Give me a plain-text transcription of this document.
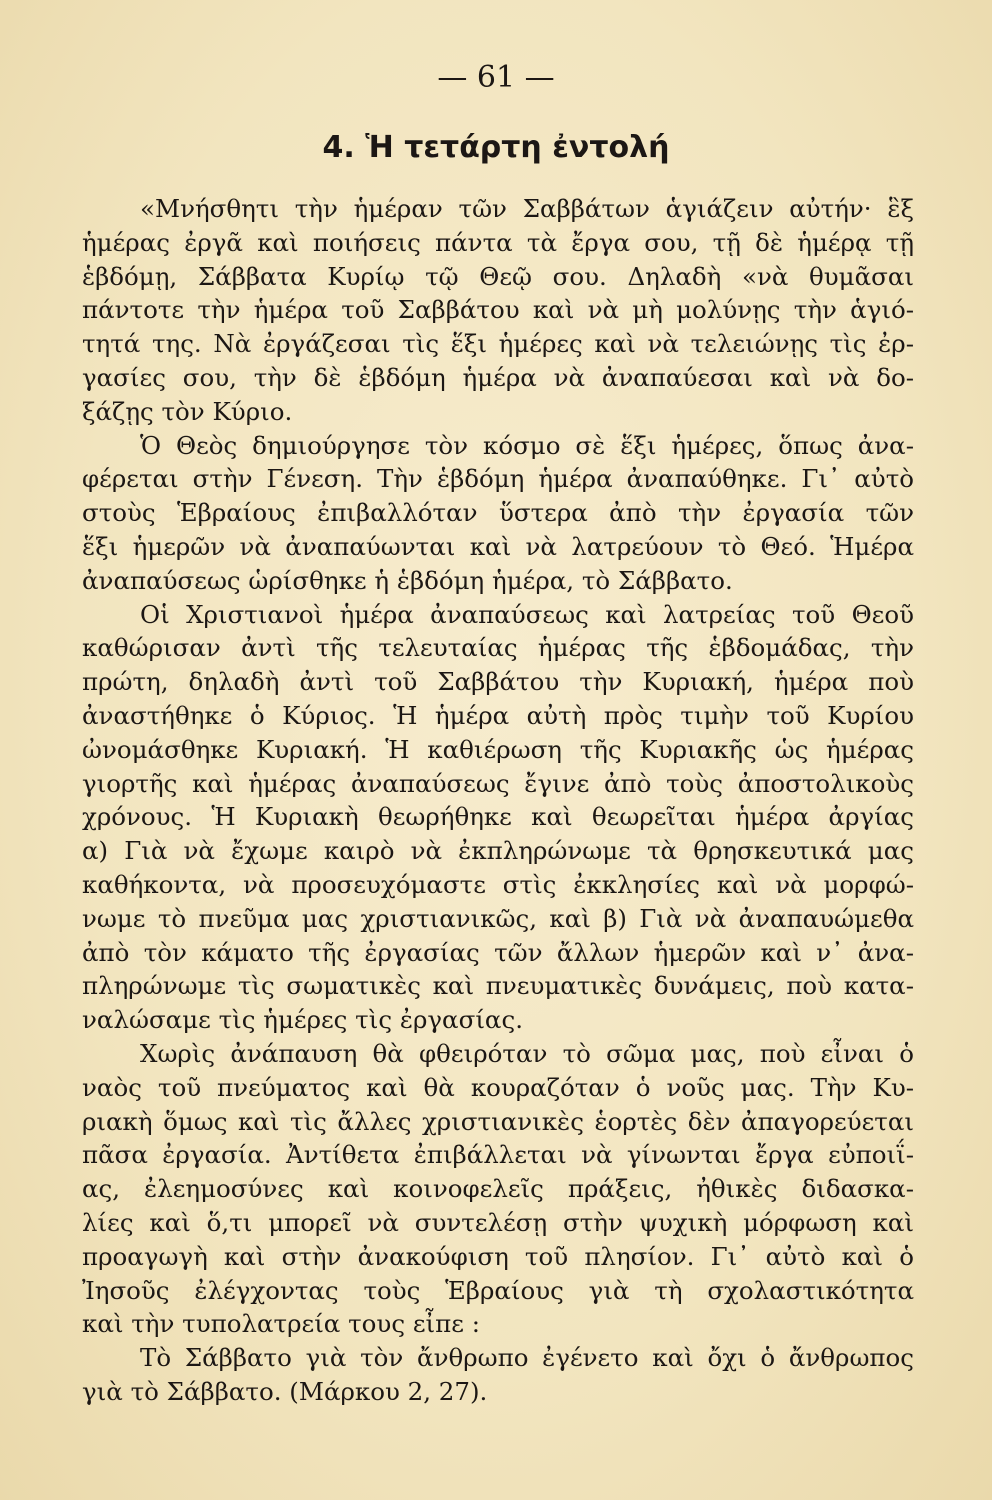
— 61 —

4. Ἡ τετάρτη ἐντολή
«Μνήσθητι τὴν ἡμέραν τῶν Σαββάτων ἁγιάζειν αὐτήν· ἓξ
ἡμέρας ἐργᾶ καὶ ποιήσεις πάντα τὰ ἔργα σου, τῇ δὲ ἡμέρᾳ τῇ
ἑβδόμῃ, Σάββατα Κυρίῳ τῷ Θεῷ σου. Δηλαδὴ «νὰ θυμᾶσαι
πάντοτε τὴν ἡμέρα τοῦ Σαββάτου καὶ νὰ μὴ μολύνῃς τὴν ἁγιό-
τητά της. Νὰ ἐργάζεσαι τὶς ἕξι ἡμέρες καὶ νὰ τελειώνῃς τὶς ἐρ-
γασίες σου, τὴν δὲ ἑβδόμη ἡμέρα νὰ ἀναπαύεσαι καὶ νὰ δο-
ξάζῃς τὸν Κύριο.
Ὁ Θεὸς δημιούργησε τὸν κόσμο σὲ ἕξι ἡμέρες, ὅπως ἀνα-
φέρεται στὴν Γένεση. Τὴν ἑβδόμη ἡμέρα ἀναπαύθηκε. Γι᾽ αὐτὸ
στοὺς Ἑβραίους ἐπιβαλλόταν ὕστερα ἀπὸ τὴν ἐργασία τῶν
ἕξι ἡμερῶν νὰ ἀναπαύωνται καὶ νὰ λατρεύουν τὸ Θεό. Ἡμέρα
ἀναπαύσεως ὡρίσθηκε ἡ ἑβδόμη ἡμέρα, τὸ Σάββατο.
Οἱ Χριστιανοὶ ἡμέρα ἀναπαύσεως καὶ λατρείας τοῦ Θεοῦ
καθώρισαν ἀντὶ τῆς τελευταίας ἡμέρας τῆς ἑβδομάδας, τὴν
πρώτη, δηλαδὴ ἀντὶ τοῦ Σαββάτου τὴν Κυριακή, ἡμέρα ποὺ
ἀναστήθηκε ὁ Κύριος. Ἡ ἡμέρα αὐτὴ πρὸς τιμὴν τοῦ Κυρίου
ὠνομάσθηκε Κυριακή. Ἡ καθιέρωση τῆς Κυριακῆς ὡς ἡμέρας
γιορτῆς καὶ ἡμέρας ἀναπαύσεως ἔγινε ἀπὸ τοὺς ἀποστολικοὺς
χρόνους. Ἡ Κυριακὴ θεωρήθηκε καὶ θεωρεῖται ἡμέρα ἀργίας
α) Γιὰ νὰ ἔχωμε καιρὸ νὰ ἐκπληρώνωμε τὰ θρησκευτικά μας
καθήκοντα, νὰ προσευχόμαστε στὶς ἐκκλησίες καὶ νὰ μορφώ-
νωμε τὸ πνεῦμα μας χριστιανικῶς, καὶ β) Γιὰ νὰ ἀναπαυώμεθα
ἀπὸ τὸν κάματο τῆς ἐργασίας τῶν ἄλλων ἡμερῶν καὶ ν᾽ ἀνα-
πληρώνωμε τὶς σωματικὲς καὶ πνευματικὲς δυνάμεις, ποὺ κατα-
ναλώσαμε τὶς ἡμέρες τὶς ἐργασίας.
Χωρὶς ἀνάπαυση θὰ φθειρόταν τὸ σῶμα μας, ποὺ εἶναι ὁ
ναὸς τοῦ πνεύματος καὶ θὰ κουραζόταν ὁ νοῦς μας. Τὴν Κυ-
ριακὴ ὅμως καὶ τὶς ἄλλες χριστιανικὲς ἑορτὲς δὲν ἀπαγορεύεται
πᾶσα ἐργασία. Ἀντίθετα ἐπιβάλλεται νὰ γίνωνται ἔργα εὐποιΐ-
ας, ἐλεημοσύνες καὶ κοινοφελεῖς πράξεις, ἠθικὲς διδασκα-
λίες καὶ ὅ,τι μπορεῖ νὰ συντελέσῃ στὴν ψυχικὴ μόρφωση καὶ
προαγωγὴ καὶ στὴν ἀνακούφιση τοῦ πλησίον. Γι᾽ αὐτὸ καὶ ὁ
Ἰησοῦς ἐλέγχοντας τοὺς Ἑβραίους γιὰ τὴ σχολαστικότητα
καὶ τὴν τυπολατρεία τους εἶπε :
Τὸ Σάββατο γιὰ τὸν ἄνθρωπο ἐγένετο καὶ ὄχι ὁ ἄνθρωπος
γιὰ τὸ Σάββατο. (Μάρκου 2, 27).
